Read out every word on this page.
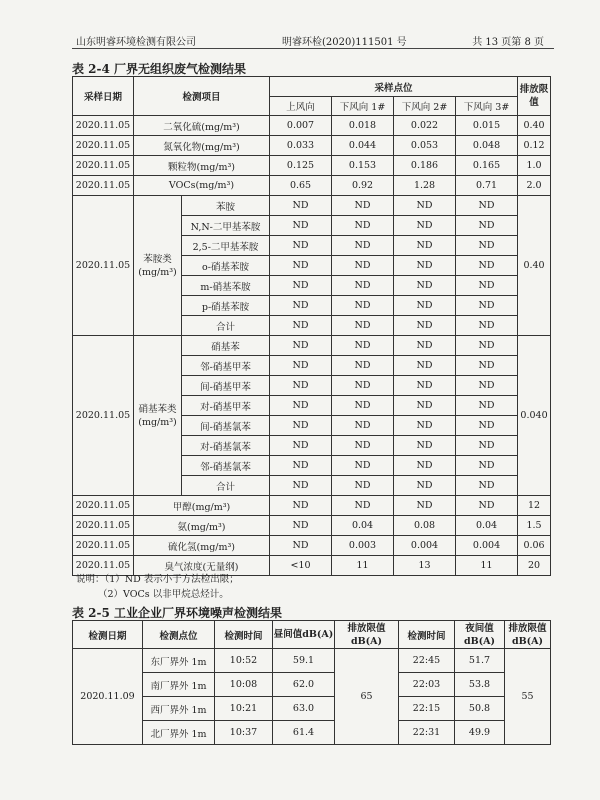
山东明睿环境检测有限公司	明睿环检(2020)111501 号	共 13 页第 8 页
表 2-4 厂界无组织废气检测结果
采样日期	检测项目		采样点位				排放限值
			上风向	下风向 1#	下风向 2#	下风向 3#	
2020.11.05	二氧化硫(mg/m³)		0.007	0.018	0.022	0.015	0.40
2020.11.05	氮氧化物(mg/m³)		0.033	0.044	0.053	0.048	0.12
2020.11.05	颗粒物(mg/m³)		0.125	0.153	0.186	0.165	1.0
2020.11.05	VOCs(mg/m³)		0.65	0.92	1.28	0.71	2.0
2020.11.05	苯胺类(mg/m³)	苯胺	ND	ND	ND	ND	0.40
		N,N-二甲基苯胺	ND	ND	ND	ND	
		2,5-二甲基苯胺	ND	ND	ND	ND	
		o-硝基苯胺	ND	ND	ND	ND	
		m-硝基苯胺	ND	ND	ND	ND	
		p-硝基苯胺	ND	ND	ND	ND	
		合计	ND	ND	ND	ND	
2020.11.05	硝基苯类(mg/m³)	硝基苯	ND	ND	ND	ND	0.040
		邻-硝基甲苯	ND	ND	ND	ND	
		间-硝基甲苯	ND	ND	ND	ND	
		对-硝基甲苯	ND	ND	ND	ND	
		间-硝基氯苯	ND	ND	ND	ND	
		对-硝基氯苯	ND	ND	ND	ND	
		邻-硝基氯苯	ND	ND	ND	ND	
		合计	ND	ND	ND	ND	
2020.11.05	甲醇(mg/m³)		ND	ND	ND	ND	12
2020.11.05	氨(mg/m³)		ND	0.04	0.08	0.04	1.5
2020.11.05	硫化氢(mg/m³)		ND	0.003	0.004	0.004	0.06
2020.11.05	臭气浓度(无量纲)		<10	11	13	11	20
说明：（1）ND 表示小于方法检出限；
（2）VOCs 以非甲烷总烃计。
表 2-5 工业企业厂界环境噪声检测结果
检测日期	检测点位	检测时间	昼间值dB(A)	排放限值dB(A)	检测时间	夜间值dB(A)	排放限值dB(A)
2020.11.09	东厂界外 1m	10:52	59.1	65	22:45	51.7	55
	南厂界外 1m	10:08	62.0		22:03	53.8	
	西厂界外 1m	10:21	63.0		22:15	50.8	
	北厂界外 1m	10:37	61.4		22:31	49.9	
